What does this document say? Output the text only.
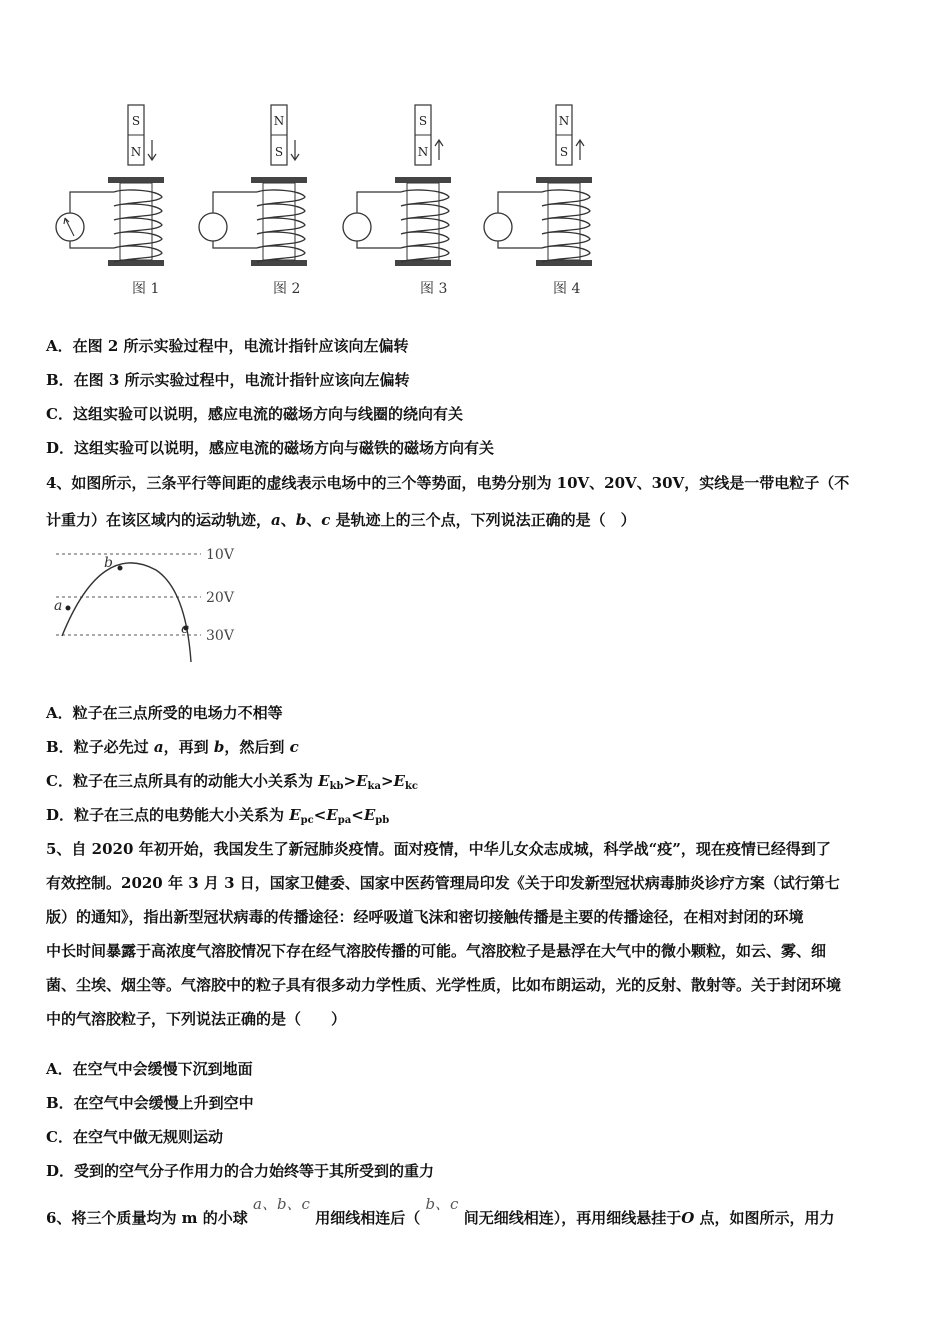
S
N
N
S
S
N
N
S
图 1	图 2	图 3	图 4
A．在图 2 所示实验过程中，电流计指针应该向左偏转
B．在图 3 所示实验过程中，电流计指针应该向左偏转
C．这组实验可以说明，感应电流的磁场方向与线圈的绕向有关
D．这组实验可以说明，感应电流的磁场方向与磁铁的磁场方向有关
4、如图所示，三条平行等间距的虚线表示电场中的三个等势面，电势分别为 10V、20V、30V，实线是一带电粒子（不
计重力）在该区域内的运动轨迹，a、b、c 是轨迹上的三个点，下列说法正确的是（　）
10V
20V
30V
a
b
c
A．粒子在三点所受的电场力不相等
B．粒子必先过 a，再到 b，然后到 c
C．粒子在三点所具有的动能大小关系为 $E_{kb}>E_{ka}>E_{kc}$
D．粒子在三点的电势能大小关系为 $E_{pc}<E_{pa}<E_{pb}$
5、自 2020 年初开始，我国发生了新冠肺炎疫情。面对疫情，中华儿女众志成城，科学战“疫”，现在疫情已经得到了
有效控制。2020 年 3 月 3 日，国家卫健委、国家中医药管理局印发《关于印发新型冠状病毒肺炎诊疗方案（试行第七
版）的通知》，指出新型冠状病毒的传播途径：经呼吸道飞沫和密切接触传播是主要的传播途径，在相对封闭的环境
中长时间暴露于高浓度气溶胶情况下存在经气溶胶传播的可能。气溶胶粒子是悬浮在大气中的微小颗粒，如云、雾、细
菌、尘埃、烟尘等。气溶胶中的粒子具有很多动力学性质、光学性质，比如布朗运动，光的反射、散射等。关于封闭环境
中的气溶胶粒子，下列说法正确的是（　　）
A．在空气中会缓慢下沉到地面
B．在空气中会缓慢上升到空中
C．在空气中做无规则运动
D．受到的空气分子作用力的合力始终等于其所受到的重力
6、将三个质量均为 m 的小球 a、b、c 用细线相连后（ b、c 间无细线相连），再用细线悬挂于O 点，如图所示，用力
